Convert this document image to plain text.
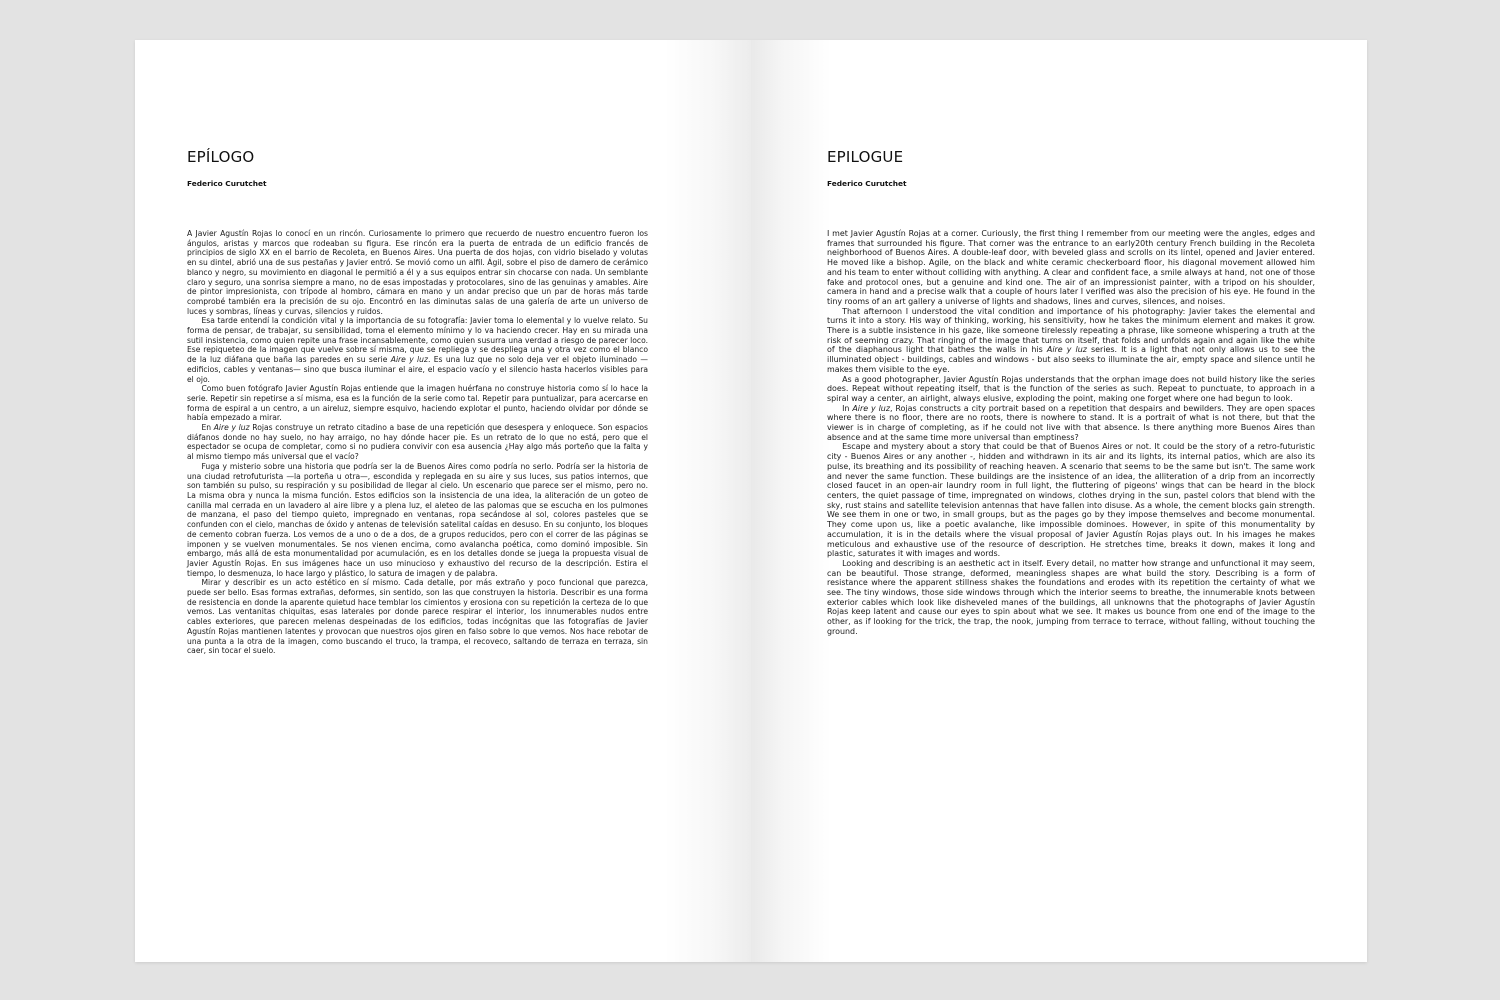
EPÍLOGO
Federico Curutchet

A Javier Agustín Rojas lo conocí en un rincón. Curiosamente lo primero que recuerdo de nuestro encuentro fueron los ángulos, aristas y marcos que rodeaban su figura. Ese rincón era la puerta de entrada de un edificio francés de principios de siglo XX en el barrio de Recoleta, en Buenos Aires. Una puerta de dos hojas, con vidrio biselado y volutas en su dintel, abrió una de sus pestañas y Javier entró. Se movió como un alfil. Ágil, sobre el piso de damero de cerámico blanco y negro, su movimiento en diagonal le permitió a él y a sus equipos entrar sin chocarse con nada. Un semblante claro y seguro, una sonrisa siempre a mano, no de esas impostadas y protocolares, sino de las genuinas y amables. Aire de pintor impresionista, con trípode al hombro, cámara en mano y un andar preciso que un par de horas más tarde comprobé también era la precisión de su ojo. Encontró en las diminutas salas de una galería de arte un universo de luces y sombras, líneas y curvas, silencios y ruidos.

Esa tarde entendí la condición vital y la importancia de su fotografía: Javier toma lo elemental y lo vuelve relato. Su forma de pensar, de trabajar, su sensibilidad, toma el elemento mínimo y lo va haciendo crecer. Hay en su mirada una sutil insistencia, como quien repite una frase incansablemente, como quien susurra una verdad a riesgo de parecer loco. Ese repiqueteo de la imagen que vuelve sobre sí misma, que se repliega y se despliega una y otra vez como el blanco de la luz diáfana que baña las paredes en su serie Aire y luz. Es una luz que no solo deja ver el objeto iluminado —edificios, cables y ventanas— sino que busca iluminar el aire, el espacio vacío y el silencio hasta hacerlos visibles para el ojo.

Como buen fotógrafo Javier Agustín Rojas entiende que la imagen huérfana no construye historia como sí lo hace la serie. Repetir sin repetirse a sí misma, esa es la función de la serie como tal. Repetir para puntualizar, para acercarse en forma de espiral a un centro, a un aireluz, siempre esquivo, haciendo explotar el punto, haciendo olvidar por dónde se había empezado a mirar.

En Aire y luz Rojas construye un retrato citadino a base de una repetición que desespera y enloquece. Son espacios diáfanos donde no hay suelo, no hay arraigo, no hay dónde hacer pie. Es un retrato de lo que no está, pero que el espectador se ocupa de completar, como si no pudiera convivir con esa ausencia ¿Hay algo más porteño que la falta y al mismo tiempo más universal que el vacío?

Fuga y misterio sobre una historia que podría ser la de Buenos Aires como podría no serlo. Podría ser la historia de una ciudad retrofuturista —la porteña u otra—, escondida y replegada en su aire y sus luces, sus patios internos, que son también su pulso, su respiración y su posibilidad de llegar al cielo. Un escenario que parece ser el mismo, pero no. La misma obra y nunca la misma función. Estos edificios son la insistencia de una idea, la aliteración de un goteo de canilla mal cerrada en un lavadero al aire libre y a plena luz, el aleteo de las palomas que se escucha en los pulmones de manzana, el paso del tiempo quieto, impregnado en ventanas, ropa secándose al sol, colores pasteles que se confunden con el cielo, manchas de óxido y antenas de televisión satelital caídas en desuso. En su conjunto, los bloques de cemento cobran fuerza. Los vemos de a uno o de a dos, de a grupos reducidos, pero con el correr de las páginas se imponen y se vuelven monumentales. Se nos vienen encima, como avalancha poética, como dominó imposible. Sin embargo, más allá de esta monumentalidad por acumulación, es en los detalles donde se juega la propuesta visual de Javier Agustín Rojas. En sus imágenes hace un uso minucioso y exhaustivo del recurso de la descripción. Estira el tiempo, lo desmenuza, lo hace largo y plástico, lo satura de imagen y de palabra.

Mirar y describir es un acto estético en sí mismo. Cada detalle, por más extraño y poco funcional que parezca, puede ser bello. Esas formas extrañas, deformes, sin sentido, son las que construyen la historia. Describir es una forma de resistencia en donde la aparente quietud hace temblar los cimientos y erosiona con su repetición la certeza de lo que vemos. Las ventanitas chiquitas, esas laterales por donde parece respirar el interior, los innumerables nudos entre cables exteriores, que parecen melenas despeinadas de los edificios, todas incógnitas que las fotografías de Javier Agustín Rojas mantienen latentes y provocan que nuestros ojos giren en falso sobre lo que vemos. Nos hace rebotar de una punta a la otra de la imagen, como buscando el truco, la trampa, el recoveco, saltando de terraza en terraza, sin caer, sin tocar el suelo.

EPILOGUE
Federico Curutchet

I met Javier Agustín Rojas at a corner. Curiously, the first thing I remember from our meeting were the angles, edges and frames that surrounded his figure. That corner was the entrance to an early20th century French building in the Recoleta neighborhood of Buenos Aires. A double-leaf door, with beveled glass and scrolls on its lintel, opened and Javier entered. He moved like a bishop. Agile, on the black and white ceramic checkerboard floor, his diagonal movement allowed him and his team to enter without colliding with anything. A clear and confident face, a smile always at hand, not one of those fake and protocol ones, but a genuine and kind one. The air of an impressionist painter, with a tripod on his shoulder, camera in hand and a precise walk that a couple of hours later I verified was also the precision of his eye. He found in the tiny rooms of an art gallery a universe of lights and shadows, lines and curves, silences, and noises.

That afternoon I understood the vital condition and importance of his photography: Javier takes the elemental and turns it into a story. His way of thinking, working, his sensitivity, how he takes the minimum element and makes it grow. There is a subtle insistence in his gaze, like someone tirelessly repeating a phrase, like someone whispering a truth at the risk of seeming crazy. That ringing of the image that turns on itself, that folds and unfolds again and again like the white of the diaphanous light that bathes the walls in his Aire y luz series. It is a light that not only allows us to see the illuminated object - buildings, cables and windows - but also seeks to illuminate the air, empty space and silence until he makes them visible to the eye.

As a good photographer, Javier Agustín Rojas understands that the orphan image does not build history like the series does. Repeat without repeating itself, that is the function of the series as such. Repeat to punctuate, to approach in a spiral way a center, an airlight, always elusive, exploding the point, making one forget where one had begun to look.

In Aire y luz, Rojas constructs a city portrait based on a repetition that despairs and bewilders. They are open spaces where there is no floor, there are no roots, there is nowhere to stand. It is a portrait of what is not there, but that the viewer is in charge of completing, as if he could not live with that absence. Is there anything more Buenos Aires than absence and at the same time more universal than emptiness?

Escape and mystery about a story that could be that of Buenos Aires or not. It could be the story of a retro-futuristic city - Buenos Aires or any another -, hidden and withdrawn in its air and its lights, its internal patios, which are also its pulse, its breathing and its possibility of reaching heaven. A scenario that seems to be the same but isn't. The same work and never the same function. These buildings are the insistence of an idea, the alliteration of a drip from an incorrectly closed faucet in an open-air laundry room in full light, the fluttering of pigeons' wings that can be heard in the block centers, the quiet passage of time, impregnated on windows, clothes drying in the sun, pastel colors that blend with the sky, rust stains and satellite television antennas that have fallen into disuse. As a whole, the cement blocks gain strength. We see them in one or two, in small groups, but as the pages go by they impose themselves and become monumental. They come upon us, like a poetic avalanche, like impossible dominoes. However, in spite of this monumentality by accumulation, it is in the details where the visual proposal of Javier Agustín Rojas plays out. In his images he makes meticulous and exhaustive use of the resource of description. He stretches time, breaks it down, makes it long and plastic, saturates it with images and words.

Looking and describing is an aesthetic act in itself. Every detail, no matter how strange and unfunctional it may seem, can be beautiful. Those strange, deformed, meaningless shapes are what build the story. Describing is a form of resistance where the apparent stillness shakes the foundations and erodes with its repetition the certainty of what we see. The tiny windows, those side windows through which the interior seems to breathe, the innumerable knots between exterior cables which look like disheveled manes of the buildings, all unknowns that the photographs of Javier Agustín Rojas keep latent and cause our eyes to spin about what we see. It makes us bounce from one end of the image to the other, as if looking for the trick, the trap, the nook, jumping from terrace to terrace, without falling, without touching the ground.
